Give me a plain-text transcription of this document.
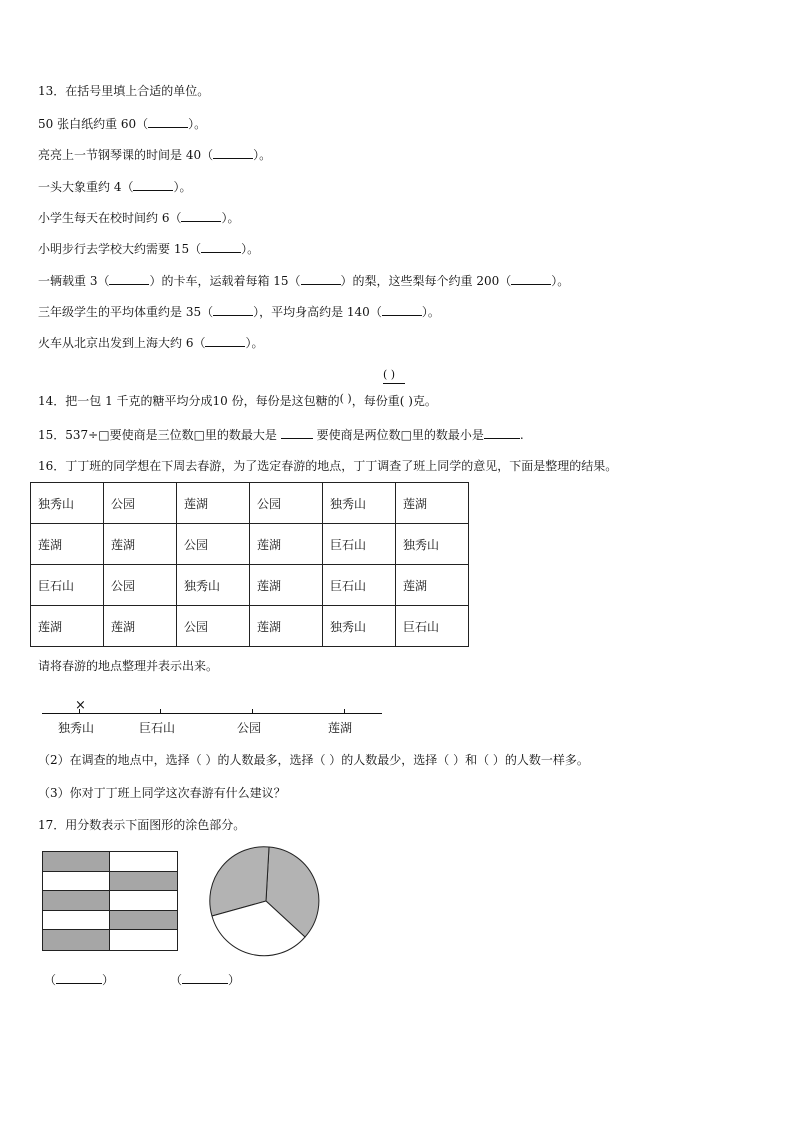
13．在括号里填上合适的单位。
50 张白纸约重 60（	）。
亮亮上一节钢琴课的时间是 40（	）。
一头大象重约 4（	）。
小学生每天在校时间约 6（	）。
小明步行去学校大约需要 15（	）。
一辆载重 3（	）的卡车，运载着每箱 15（	）的梨，这些梨每个约重 200（	）。
三年级学生的平均体重约是 35（	），平均身高约是 140（	）。
火车从北京出发到上海大约 6（	）。
( )
14．把一包 1 千克的糖平均分成10 份，每份是这包糖的( )，每份重( )克。
15．537÷□要使商是三位数□里的数最大是	要使商是两位数□里的数最小是	.
16．丁丁班的同学想在下周去春游，为了选定春游的地点，丁丁调查了班上同学的意见，下面是整理的结果。
独秀山	公园	莲湖	公园	独秀山	莲湖
莲湖	莲湖	公园	莲湖	巨石山	独秀山
巨石山	公园	独秀山	莲湖	巨石山	莲湖
莲湖	莲湖	公园	莲湖	独秀山	巨石山
请将春游的地点整理并表示出来。
×
独秀山	巨石山	公园	莲湖
（2）在调查的地点中，选择（ ）的人数最多，选择（ ）的人数最少，选择（ ）和（ ）的人数一样多。
（3）你对丁丁班上同学这次春游有什么建议？
17．用分数表示下面图形的涂色部分。
（	）	（	）
